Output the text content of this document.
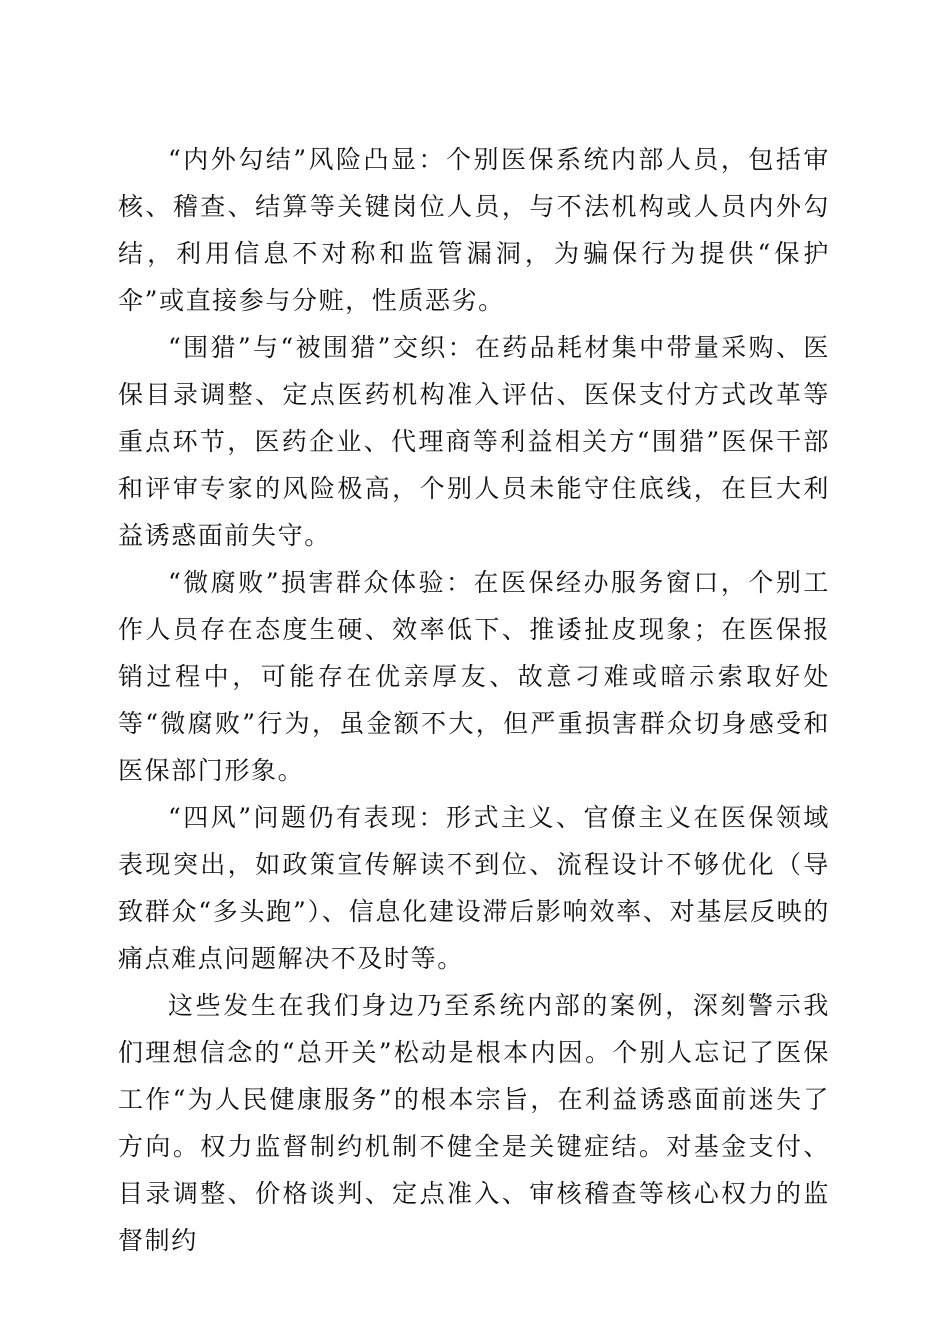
“内外勾结”风险凸显：个别医保系统内部人员，包括审核、稽查、结算等关键岗位人员，与不法机构或人员内外勾结，利用信息不对称和监管漏洞，为骗保行为提供“保护伞”或直接参与分赃，性质恶劣。

“围猎”与“被围猎”交织：在药品耗材集中带量采购、医保目录调整、定点医药机构准入评估、医保支付方式改革等重点环节，医药企业、代理商等利益相关方“围猎”医保干部和评审专家的风险极高，个别人员未能守住底线，在巨大利益诱惑面前失守。

“微腐败”损害群众体验：在医保经办服务窗口，个别工作人员存在态度生硬、效率低下、推诿扯皮现象；在医保报销过程中，可能存在优亲厚友、故意刁难或暗示索取好处等“微腐败”行为，虽金额不大，但严重损害群众切身感受和医保部门形象。

“四风”问题仍有表现：形式主义、官僚主义在医保领域表现突出，如政策宣传解读不到位、流程设计不够优化（导致群众“多头跑”）、信息化建设滞后影响效率、对基层反映的痛点难点问题解决不及时等。

这些发生在我们身边乃至系统内部的案例，深刻警示我们理想信念的“总开关”松动是根本内因。个别人忘记了医保工作“为人民健康服务”的根本宗旨，在利益诱惑面前迷失了方向。权力监督制约机制不健全是关键症结。对基金支付、目录调整、价格谈判、定点准入、审核稽查等核心权力的监督制约
